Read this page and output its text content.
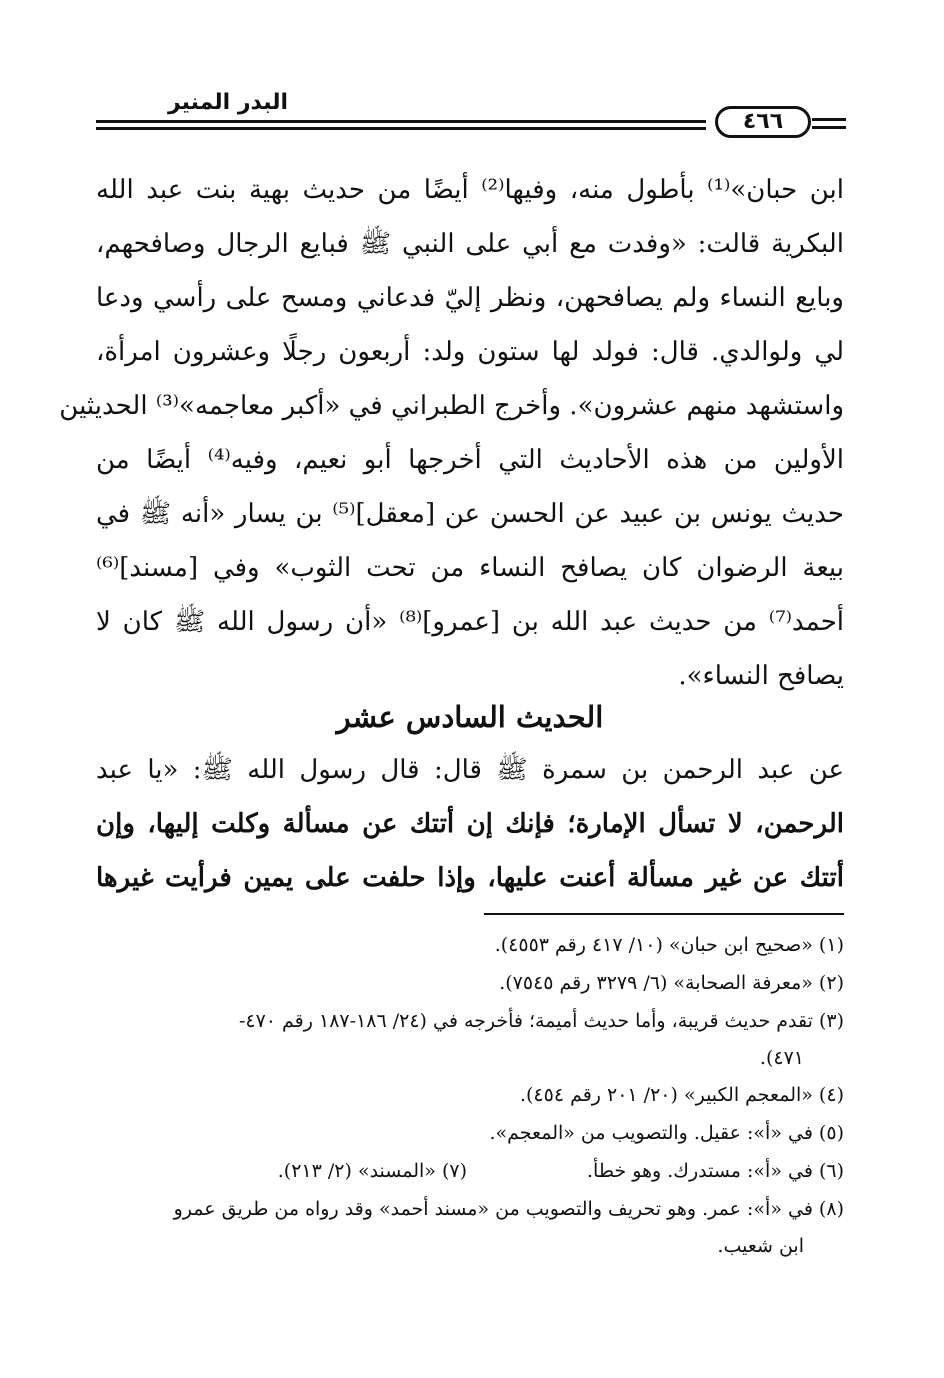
البدر المنير
٤٦٦
ابن حبان»⁽¹⁾ بأطول منه، وفيها⁽²⁾ أيضًا من حديث بهية بنت عبد الله
البكرية قالت: «وفدت مع أبي على النبي ﷺ فبايع الرجال وصافحهم،
وبايع النساء ولم يصافحهن، ونظر إليّ فدعاني ومسح على رأسي ودعا
لي ولوالدي. قال: فولد لها ستون ولد: أربعون رجلًا وعشرون امرأة،
واستشهد منهم عشرون». وأخرج الطبراني في «أكبر معاجمه»⁽³⁾ الحديثين
الأولين من هذه الأحاديث التي أخرجها أبو نعيم، وفيه⁽⁴⁾ أيضًا من
حديث يونس بن عبيد عن الحسن عن [معقل]⁽⁵⁾ بن يسار «أنه ﷺ في
بيعة الرضوان كان يصافح النساء من تحت الثوب» وفي [مسند]⁽⁶⁾
أحمد⁽⁷⁾ من حديث عبد الله بن [عمرو]⁽⁸⁾ «أن رسول الله ﷺ كان لا
يصافح النساء».
الحديث السادس عشر
عن عبد الرحمن بن سمرة ﷺ قال: قال رسول الله ﷺ: «يا عبد
الرحمن، لا تسأل الإمارة؛ فإنك إن أتتك عن مسألة وكلت إليها، وإن
أتتك عن غير مسألة أعنت عليها، وإذا حلفت على يمين فرأيت غيرها
(١) «صحيح ابن حبان» (١٠/ ٤١٧ رقم ٤٥٥٣).
(٢) «معرفة الصحابة» (٦/ ٣٢٧٩ رقم ٧٥٤٥).
(٣) تقدم حديث قريبة، وأما حديث أميمة؛ فأخرجه في (٢٤/ ١٨٦-١٨٧ رقم ٤٧٠-
٤٧١).
(٤) «المعجم الكبير» (٢٠/ ٢٠١ رقم ٤٥٤).
(٥) في «أ»: عقيل. والتصويب من «المعجم».
(٦) في «أ»: مستدرك. وهو خطأ.
(٧) «المسند» (٢/ ٢١٣).
(٨) في «أ»: عمر. وهو تحريف والتصويب من «مسند أحمد» وقد رواه من طريق عمرو
ابن شعيب.
